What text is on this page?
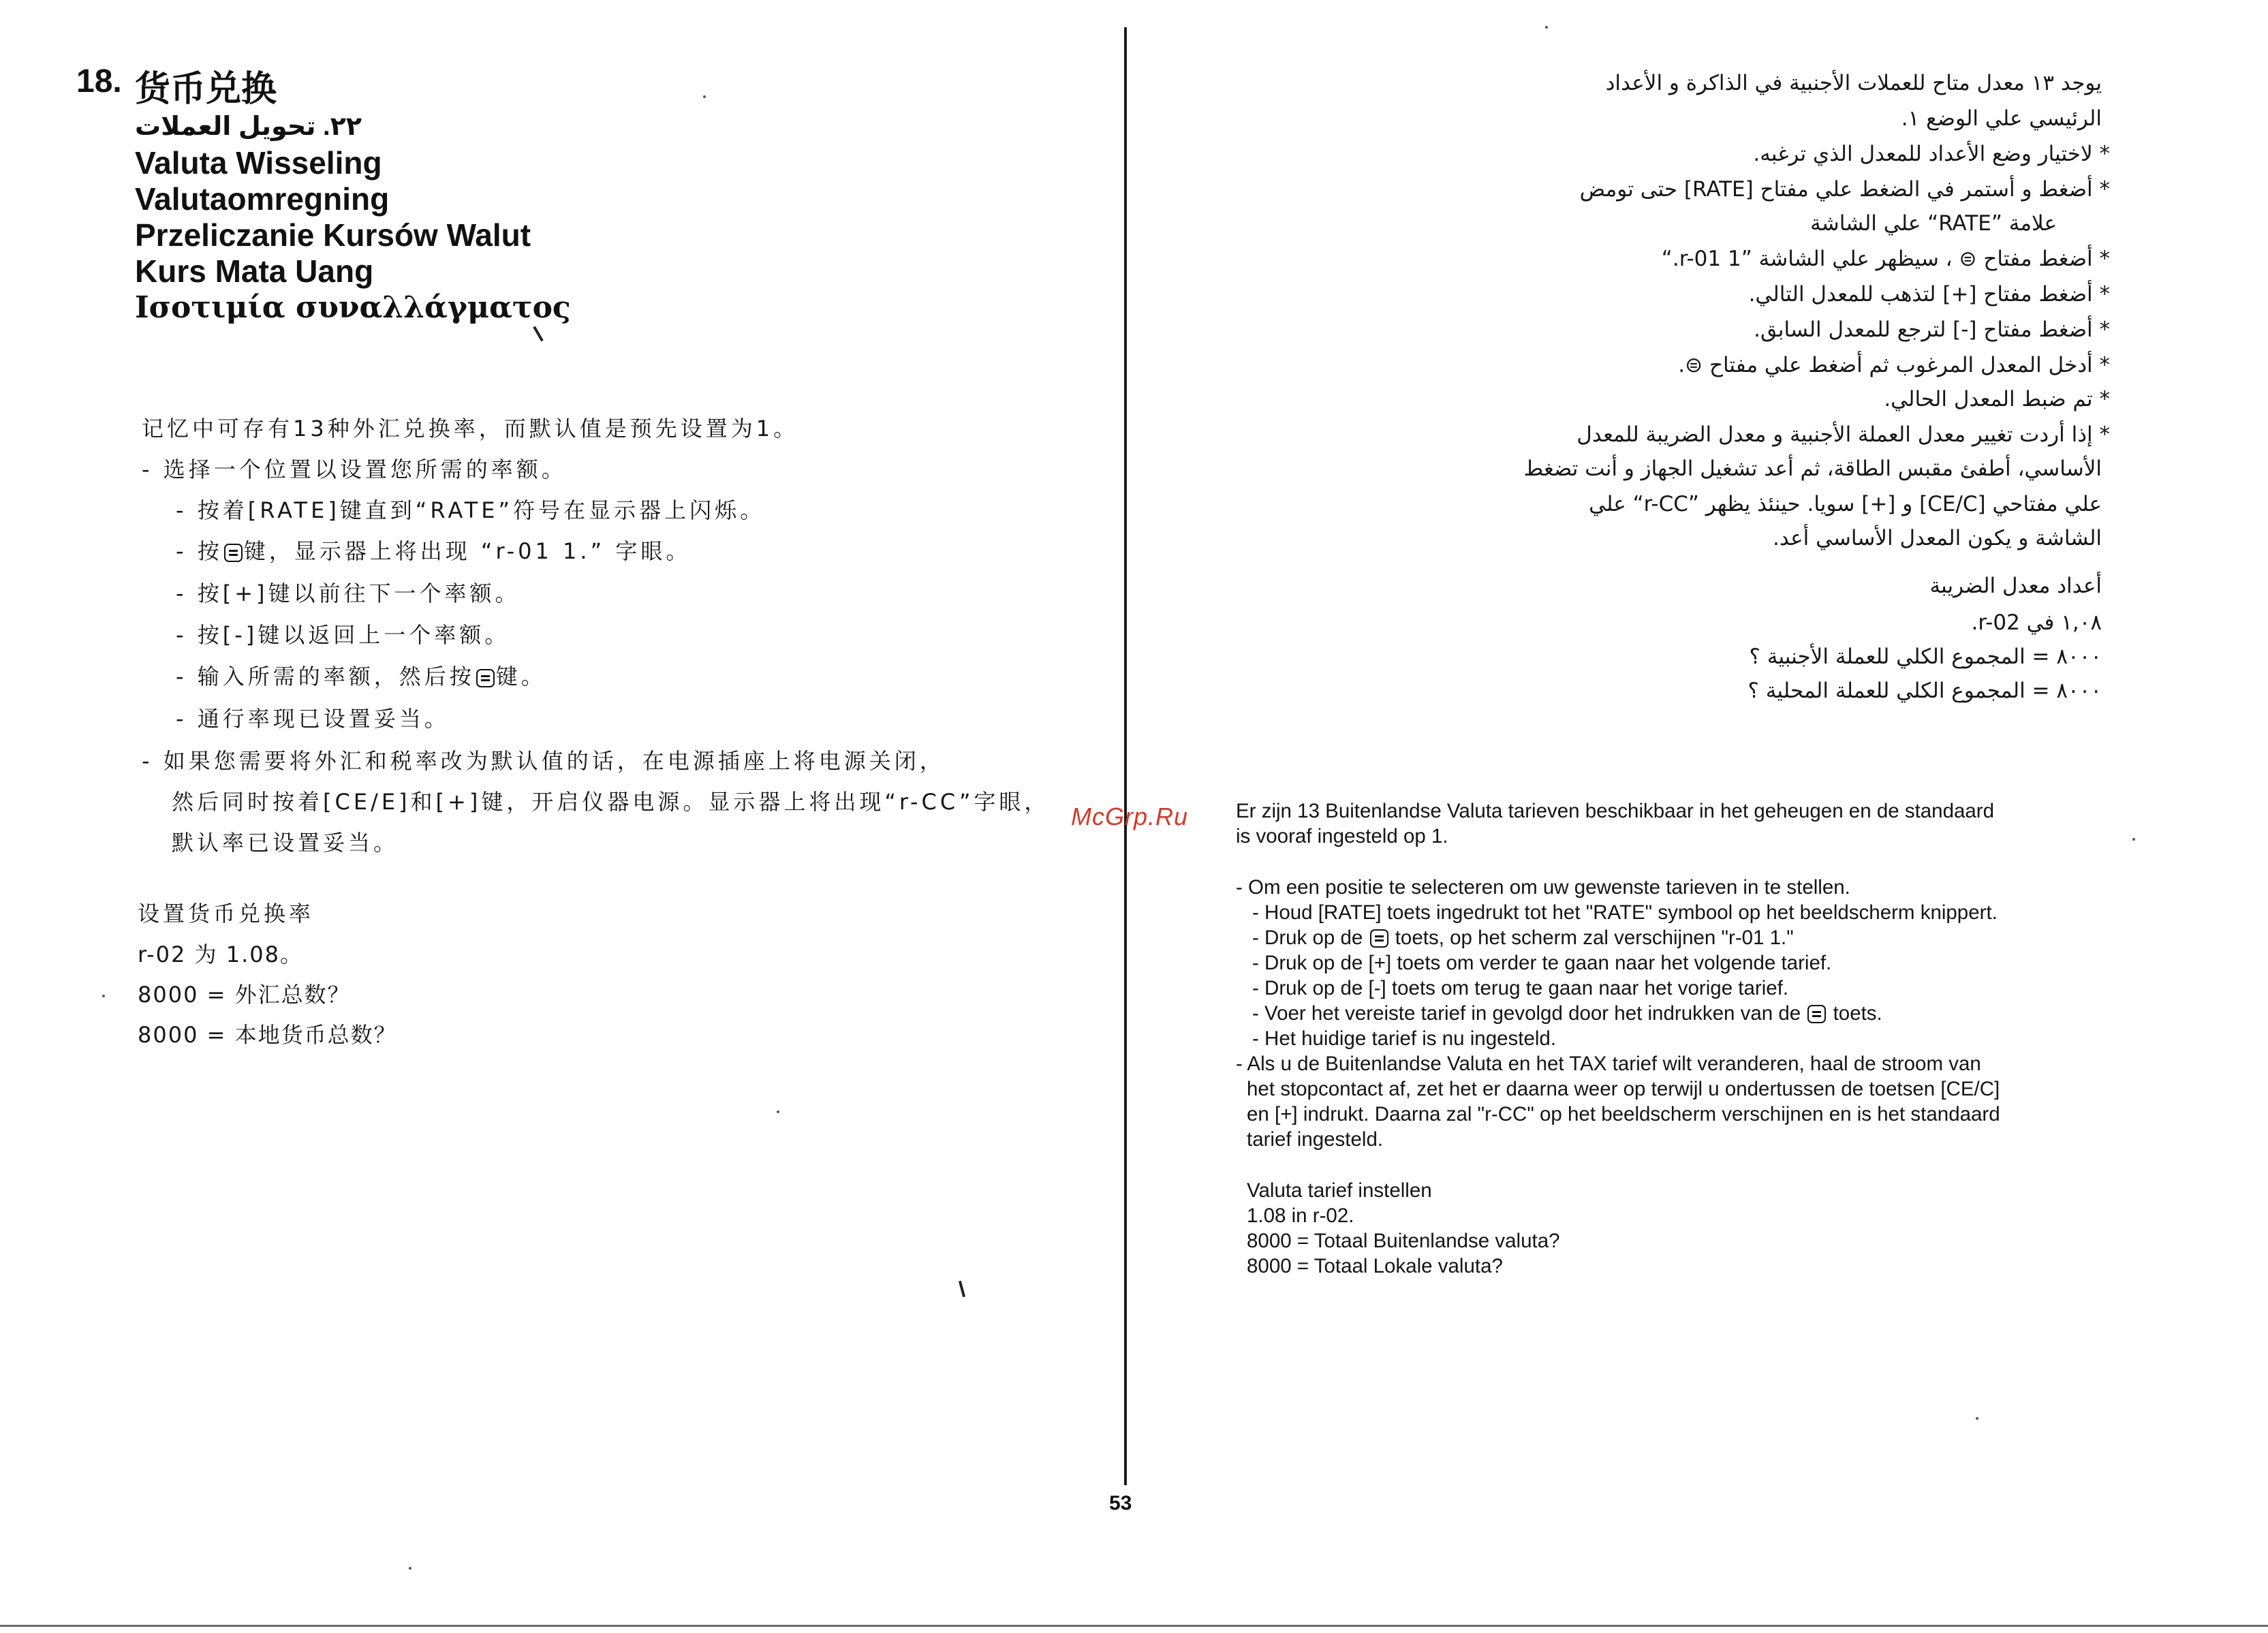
18. 货币兑换
٢٢. تحويل العملات
Valuta Wisseling
Valutaomregning
Przeliczanie Kursów Walut
Kurs Mata Uang
Ισοτιμία συναλλάγματος
记忆中可存有13种外汇兑换率，而默认值是预先设置为1。
- 选择一个位置以设置您所需的率额。
- 按着[RATE]键直到“RATE”符号在显示器上闪烁。
- 按 键，显示器上将出现 “r-01 1.” 字眼。
- 按[+]键以前往下一个率额。
- 按[-]键以返回上一个率额。
- 输入所需的率额，然后按 键。
- 通行率现已设置妥当。
- 如果您需要将外汇和税率改为默认值的话，在电源插座上将电源关闭，
然后同时按着[CE/E]和[+]键，开启仪器电源。显示器上将出现“r-CC”字眼，
默认率已设置妥当。
设置货币兑换率
r-02 为 1.08。
8000 = 外汇总数？
8000 = 本地货币总数？
يوجد ١٣ معدل متاح للعملات الأجنبية في الذاكرة و الأعداد
الرئيسي علي الوضع ١.
* لاختيار وضع الأعداد للمعدل الذي ترغبه.
* أضغط و أستمر في الضغط علي مفتاح [RATE] حتى تومض
علامة ”RATE“ علي الشاشة
* أضغط مفتاح ⊜ ، سيظهر علي الشاشة ”r-01 1.“
* أضغط مفتاح [+] لتذهب للمعدل التالي.
* أضغط مفتاح [-] لترجع للمعدل السابق.
* أدخل المعدل المرغوب ثم أضغط علي مفتاح ⊜.
* تم ضبط المعدل الحالي.
* إذا أردت تغيير معدل العملة الأجنبية و معدل الضريبة للمعدل
الأساسي، أطفئ مقبس الطاقة، ثم أعد تشغيل الجهاز و أنت تضغط
علي مفتاحي [CE/C] و [+] سويا. حينئذ يظهر ”r-CC“ علي
الشاشة و يكون المعدل الأساسي أعد.
أعداد معدل الضريبة
١,٠٨ في r-02.
٨٠٠٠ = المجموع الكلي للعملة الأجنبية ؟
٨٠٠٠ = المجموع الكلي للعملة المحلية ؟
McGrp.Ru Er zijn 13 Buitenlandse Valuta tarieven beschikbaar in het geheugen en de standaard
is vooraf ingesteld op 1.
- Om een positie te selecteren om uw gewenste tarieven in te stellen.
- Houd [RATE] toets ingedrukt tot het "RATE" symbool op het beeldscherm knippert.
- Druk op de toets, op het scherm zal verschijnen "r-01 1."
- Druk op de [+] toets om verder te gaan naar het volgende tarief.
- Druk op de [-] toets om terug te gaan naar het vorige tarief.
- Voer het vereiste tarief in gevolgd door het indrukken van de toets.
- Het huidige tarief is nu ingesteld.
- Als u de Buitenlandse Valuta en het TAX tarief wilt veranderen, haal de stroom van
het stopcontact af, zet het er daarna weer op terwijl u ondertussen de toetsen [CE/C]
en [+] indrukt. Daarna zal "r-CC" op het beeldscherm verschijnen en is het standaard
tarief ingesteld.
Valuta tarief instellen
1.08 in r-02.
8000 = Totaal Buitenlandse valuta?
8000 = Totaal Lokale valuta?
53
